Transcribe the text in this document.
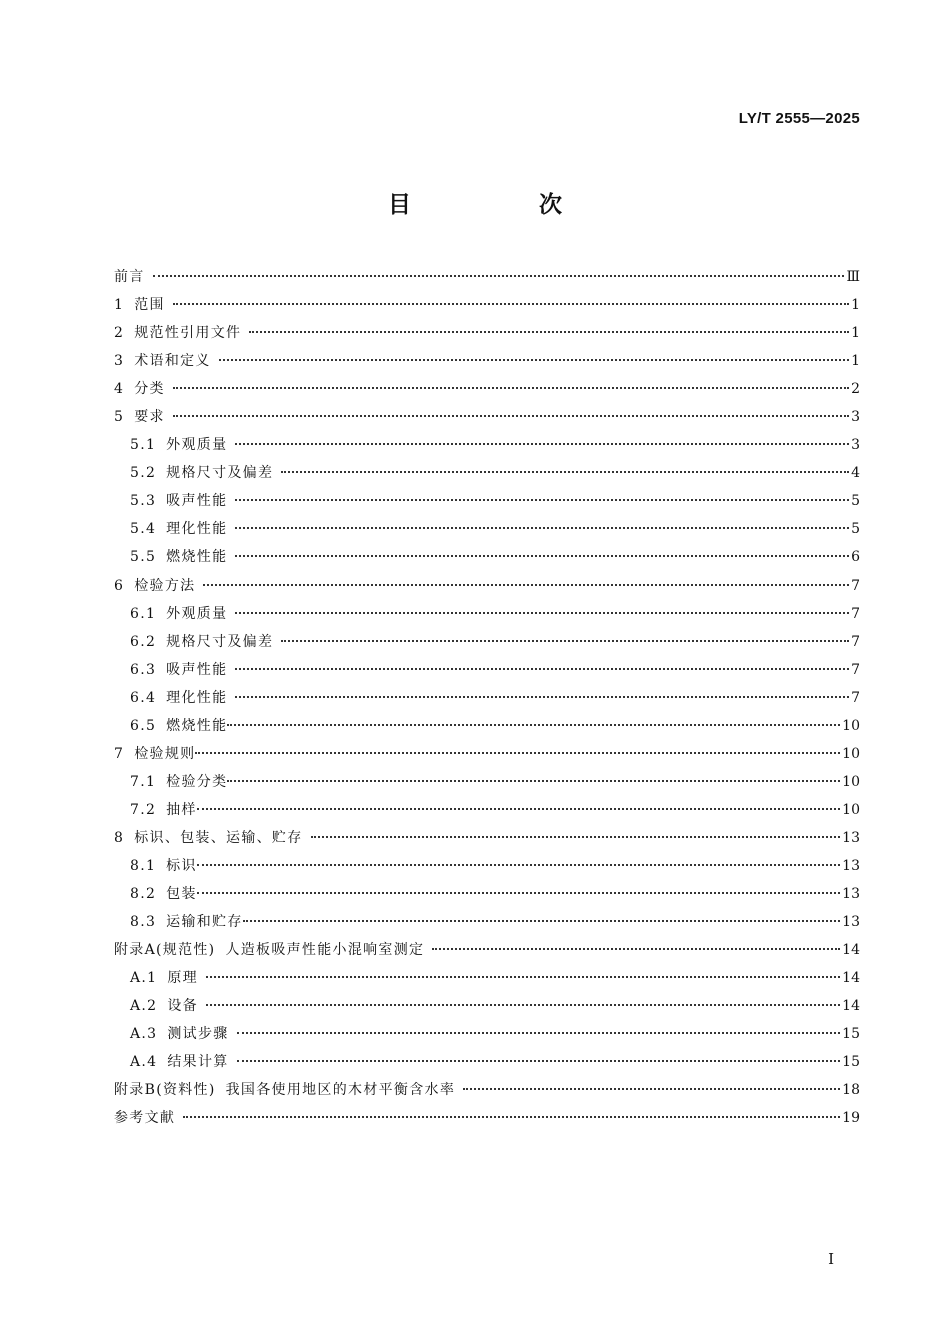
LY/T 2555—2025
目 次
前言	Ⅲ
1 范围	1
2 规范性引用文件	1
3 术语和定义	1
4 分类	2
5 要求	3
5.1 外观质量	3
5.2 规格尺寸及偏差	4
5.3 吸声性能	5
5.4 理化性能	5
5.5 燃烧性能	6
6 检验方法	7
6.1 外观质量	7
6.2 规格尺寸及偏差	7
6.3 吸声性能	7
6.4 理化性能	7
6.5 燃烧性能	10
7 检验规则	10
7.1 检验分类	10
7.2 抽样	10
8 标识、包装、运输、贮存	13
8.1 标识	13
8.2 包装	13
8.3 运输和贮存	13
附录A(规范性) 人造板吸声性能小混响室测定	14
A.1 原理	14
A.2 设备	14
A.3 测试步骤	15
A.4 结果计算	15
附录B(资料性) 我国各使用地区的木材平衡含水率	18
参考文献	19
I
